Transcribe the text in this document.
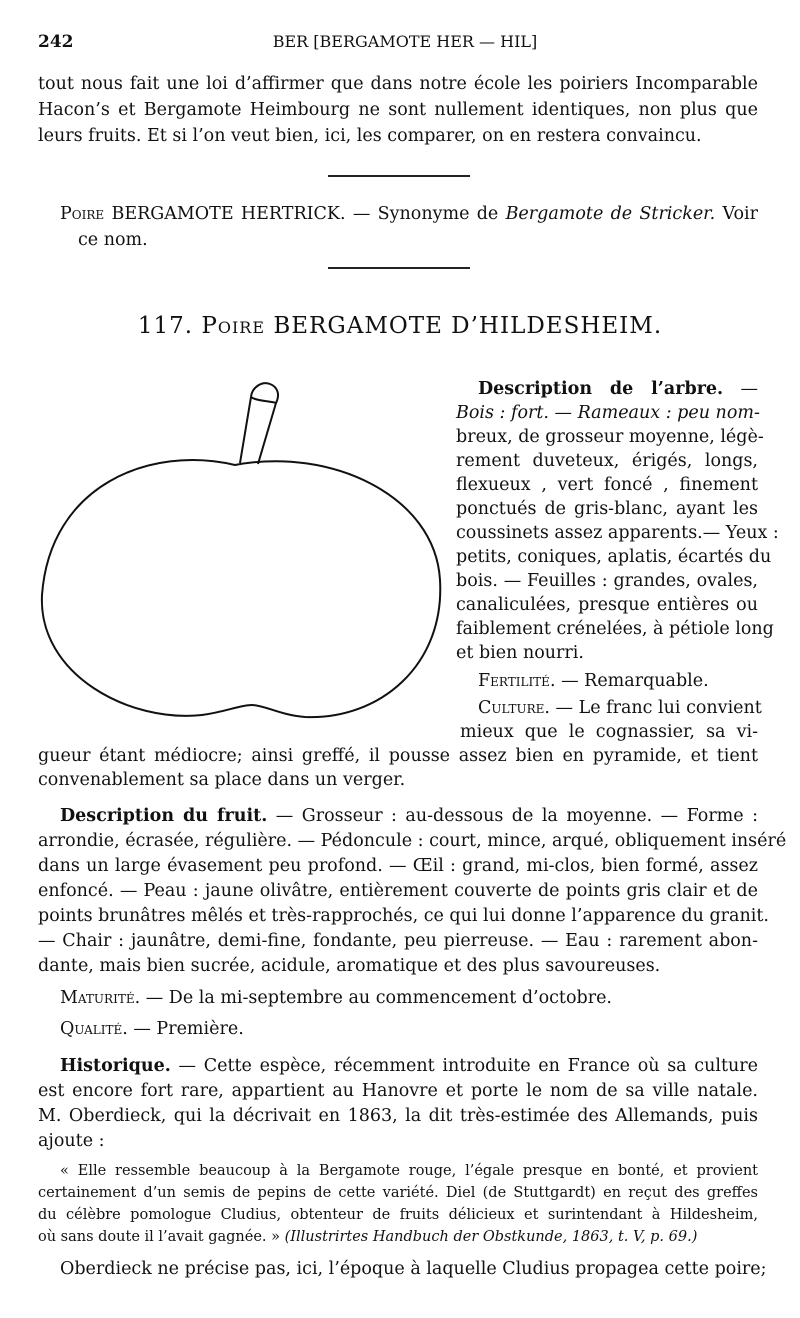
242	BER [BERGAMOTE HER — HIL]
tout nous fait une loi d’affirmer que dans notre école les poiriers Incomparable
Hacon’s et Bergamote Heimbourg ne sont nullement identiques, non plus que
leurs fruits. Et si l’on veut bien, ici, les comparer, on en restera convaincu.
Poire BERGAMOTE HERTRICK. — Synonyme de Bergamote de Stricker. Voir
ce nom.
117. Poire BERGAMOTE D’HILDESHEIM.
Description de l’arbre. —
Bois : fort. — Rameaux : peu nom-
breux, de grosseur moyenne, légè-
rement duveteux, érigés, longs,
flexueux , vert foncé , finement
ponctués de gris-blanc, ayant les
coussinets assez apparents.— Yeux :
petits, coniques, aplatis, écartés du
bois. — Feuilles : grandes, ovales,
canaliculées, presque entières ou
faiblement crénelées, à pétiole long
et bien nourri.
Fertilité. — Remarquable.
Culture. — Le franc lui convient
mieux que le cognassier, sa vi-
gueur étant médiocre; ainsi greffé, il pousse assez bien en pyramide, et tient
convenablement sa place dans un verger.
Description du fruit. — Grosseur : au-dessous de la moyenne. — Forme :
arrondie, écrasée, régulière. — Pédoncule : court, mince, arqué, obliquement inséré
dans un large évasement peu profond. — Œil : grand, mi-clos, bien formé, assez
enfoncé. — Peau : jaune olivâtre, entièrement couverte de points gris clair et de
points brunâtres mêlés et très-rapprochés, ce qui lui donne l’apparence du granit.
— Chair : jaunâtre, demi-fine, fondante, peu pierreuse. — Eau : rarement abon-
dante, mais bien sucrée, acidule, aromatique et des plus savoureuses.
Maturité. — De la mi-septembre au commencement d’octobre.
Qualité. — Première.
Historique. — Cette espèce, récemment introduite en France où sa culture
est encore fort rare, appartient au Hanovre et porte le nom de sa ville natale.
M. Oberdieck, qui la décrivait en 1863, la dit très-estimée des Allemands, puis
ajoute :
« Elle ressemble beaucoup à la Bergamote rouge, l’égale presque en bonté, et provient
certainement d’un semis de pepins de cette variété. Diel (de Stuttgardt) en reçut des greffes
du célèbre pomologue Cludius, obtenteur de fruits délicieux et surintendant à Hildesheim,
où sans doute il l’avait gagnée. » (Illustrirtes Handbuch der Obstkunde, 1863, t. V, p. 69.)
Oberdieck ne précise pas, ici, l’époque à laquelle Cludius propagea cette poire;
